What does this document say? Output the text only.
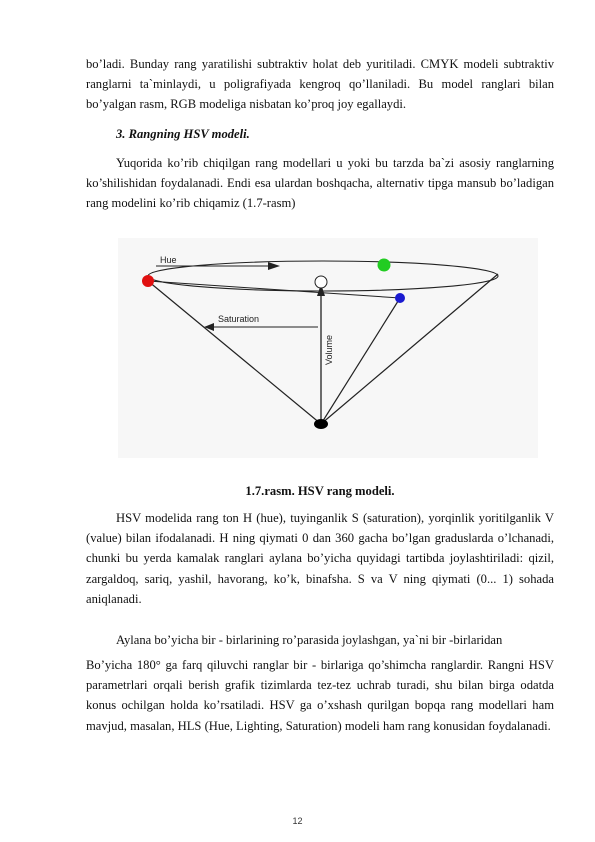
bo’ladi. Bunday rang yaratilishi subtraktiv holat deb yuritiladi. CMYK modeli subtraktiv ranglarni ta`minlaydi, u poligrafiyada kengroq qo’llaniladi. Bu model ranglari bilan bo’yalgan rasm, RGB modeliga nisbatan ko’proq joy egallaydi.

3. Rangning HSV modeli.

Yuqorida ko’rib chiqilgan rang modellari u yoki bu tarzda ba`zi asosiy ranglarning ko’shilishidan foydalanadi. Endi esa ulardan boshqacha, alternativ tipga mansub bo’ladigan rang modelini ko’rib chiqamiz (1.7-rasm)

Hue
Saturation
Volume

1.7.rasm. HSV rang modeli.

HSV modelida rang ton H (hue), tuyinganlik S (saturation), yorqinlik yoritilganlik V (value) bilan ifodalanadi. H ning qiymati 0 dan 360 gacha bo’lgan graduslarda o’lchanadi, chunki bu yerda kamalak ranglari aylana bo’yicha quyidagi tartibda joylashtiriladi: qizil, zargaldoq, sariq, yashil, havorang, ko’k, binafsha. S va V ning qiymati (0... 1) sohada aniqlanadi.

Aylana bo’yicha bir - birlarining ro’parasida joylashgan, ya`ni bir -birlaridan

Bo’yicha 180° ga farq qiluvchi ranglar bir - birlariga qo’shimcha ranglardir. Rangni HSV parametrlari orqali berish grafik tizimlarda tez-tez uchrab turadi, shu bilan birga odatda konus ochilgan holda ko’rsatiladi. HSV ga o’xshash qurilgan bopqa rang modellari ham mavjud, masalan, HLS (Hue, Lighting, Saturation) modeli ham rang konusidan foydalanadi.

12
